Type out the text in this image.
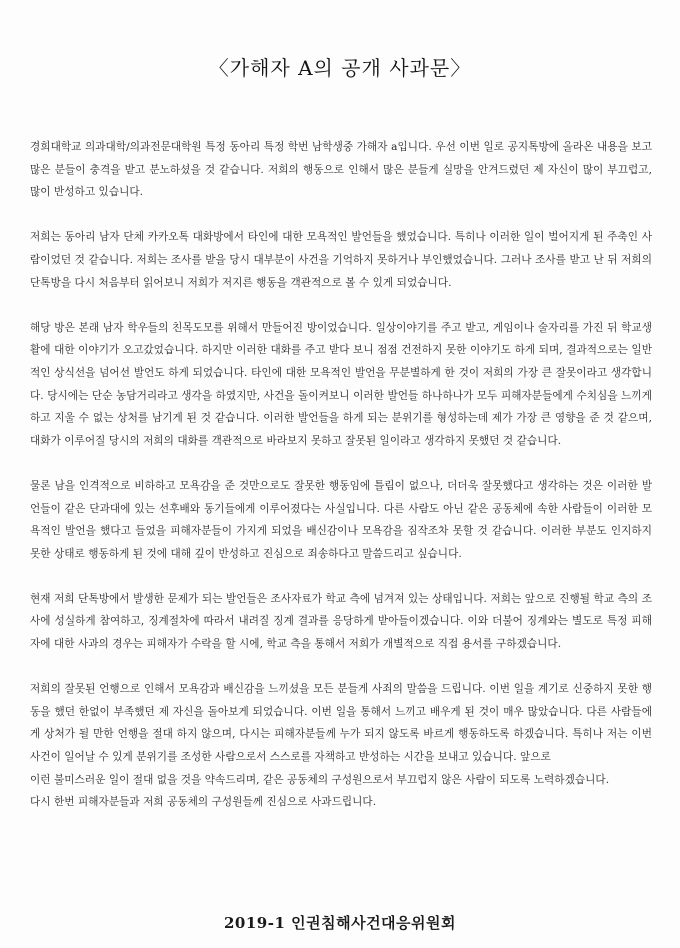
〈가해자 A의 공개 사과문〉

경희대학교 의과대학/의과전문대학원 특정 동아리 특정 학번 남학생중 가해자 a입니다. 우선 이번 일로 공지톡방에 올라온 내용을 보고 많은 분들이 충격을 받고 분노하셨을 것 같습니다. 저희의 행동으로 인해서 많은 분들게 실망을 안겨드렸던 제 자신이 많이 부끄럽고, 많이 반성하고 있습니다.

저희는 동아리 남자 단체 카카오톡 대화방에서 타인에 대한 모욕적인 발언들을 했었습니다. 특히나 이러한 일이 벌어지게 된 주축인 사람이었던 것 같습니다. 저희는 조사를 받을 당시 대부분이 사건을 기억하지 못하거나 부인했었습니다. 그러나 조사를 받고 난 뒤 저희의 단톡방을 다시 처음부터 읽어보니 저희가 저지른 행동을 객관적으로 볼 수 있게 되었습니다.

해당 방은 본래 남자 학우들의 친목도모를 위해서 만들어진 방이었습니다. 일상이야기를 주고 받고, 게임이나 술자리를 가진 뒤 학교생활에 대한 이야기가 오고갔었습니다. 하지만 이러한 대화를 주고 받다 보니 점점 건전하지 못한 이야기도 하게 되며, 결과적으로는 일반적인 상식선을 넘어선 발언도 하게 되었습니다. 타인에 대한 모욕적인 발언을 무분별하게 한 것이 저희의 가장 큰 잘못이라고 생각합니다. 당시에는 단순 농담거리라고 생각을 하였지만, 사건을 돌이켜보니 이러한 발언들 하나하나가 모두 피해자분들에게 수치심을 느끼게 하고 지울 수 없는 상처를 남기게 된 것 같습니다. 이러한 발언들을 하게 되는 분위기를 형성하는데 제가 가장 큰 영향을 준 것 같으며, 대화가 이루어질 당시의 저희의 대화를 객관적으로 바라보지 못하고 잘못된 일이라고 생각하지 못했던 것 같습니다.

물론 남을 인격적으로 비하하고 모욕감을 준 것만으로도 잘못한 행동임에 틀림이 없으나, 더더욱 잘못했다고 생각하는 것은 이러한 발언들이 같은 단과대에 있는 선후배와 동기들에게 이루어졌다는 사실입니다. 다른 사람도 아닌 같은 공동체에 속한 사람들이 이러한 모욕적인 발언을 했다고 들었을 피해자분들이 가지게 되었을 배신감이나 모욕감을 짐작조차 못할 것 같습니다. 이러한 부분도 인지하지 못한 상태로 행동하게 된 것에 대해 깊이 반성하고 진심으로 죄송하다고 말씀드리고 싶습니다.

현재 저희 단톡방에서 발생한 문제가 되는 발언들은 조사자료가 학교 측에 넘겨져 있는 상태입니다. 저희는 앞으로 진행될 학교 측의 조사에 성실하게 참여하고, 징계절차에 따라서 내려질 징계 결과를 응당하게 받아들이겠습니다. 이와 더불어 징계와는 별도로 특정 피해자에 대한 사과의 경우는 피해자가 수락을 할 시에, 학교 측을 통해서 저희가 개별적으로 직접 용서를 구하겠습니다.

저희의 잘못된 언행으로 인해서 모욕감과 배신감을 느끼셨을 모든 분들게 사죄의 말씀을 드립니다. 이번 일을 계기로 신중하지 못한 행동을 했던 한없이 부족했던 제 자신을 돌아보게 되었습니다. 이번 일을 통해서 느끼고 배우게 된 것이 매우 많았습니다. 다른 사람들에게 상처가 될 만한 언행을 절대 하지 않으며, 다시는 피해자분들께 누가 되지 않도록 바르게 행동하도록 하겠습니다. 특히나 저는 이번 사건이 일어날 수 있게 분위기를 조성한 사람으로서 스스로를 자책하고 반성하는 시간을 보내고 있습니다. 앞으로

이런 불미스러운 일이 절대 없을 것을 약속드리며, 같은 공동체의 구성원으로서 부끄럽지 않은 사람이 되도록 노력하겠습니다.

다시 한번 피해자분들과 저희 공동체의 구성원들께 진심으로 사과드립니다.

2019-1 인권침해사건대응위원회
